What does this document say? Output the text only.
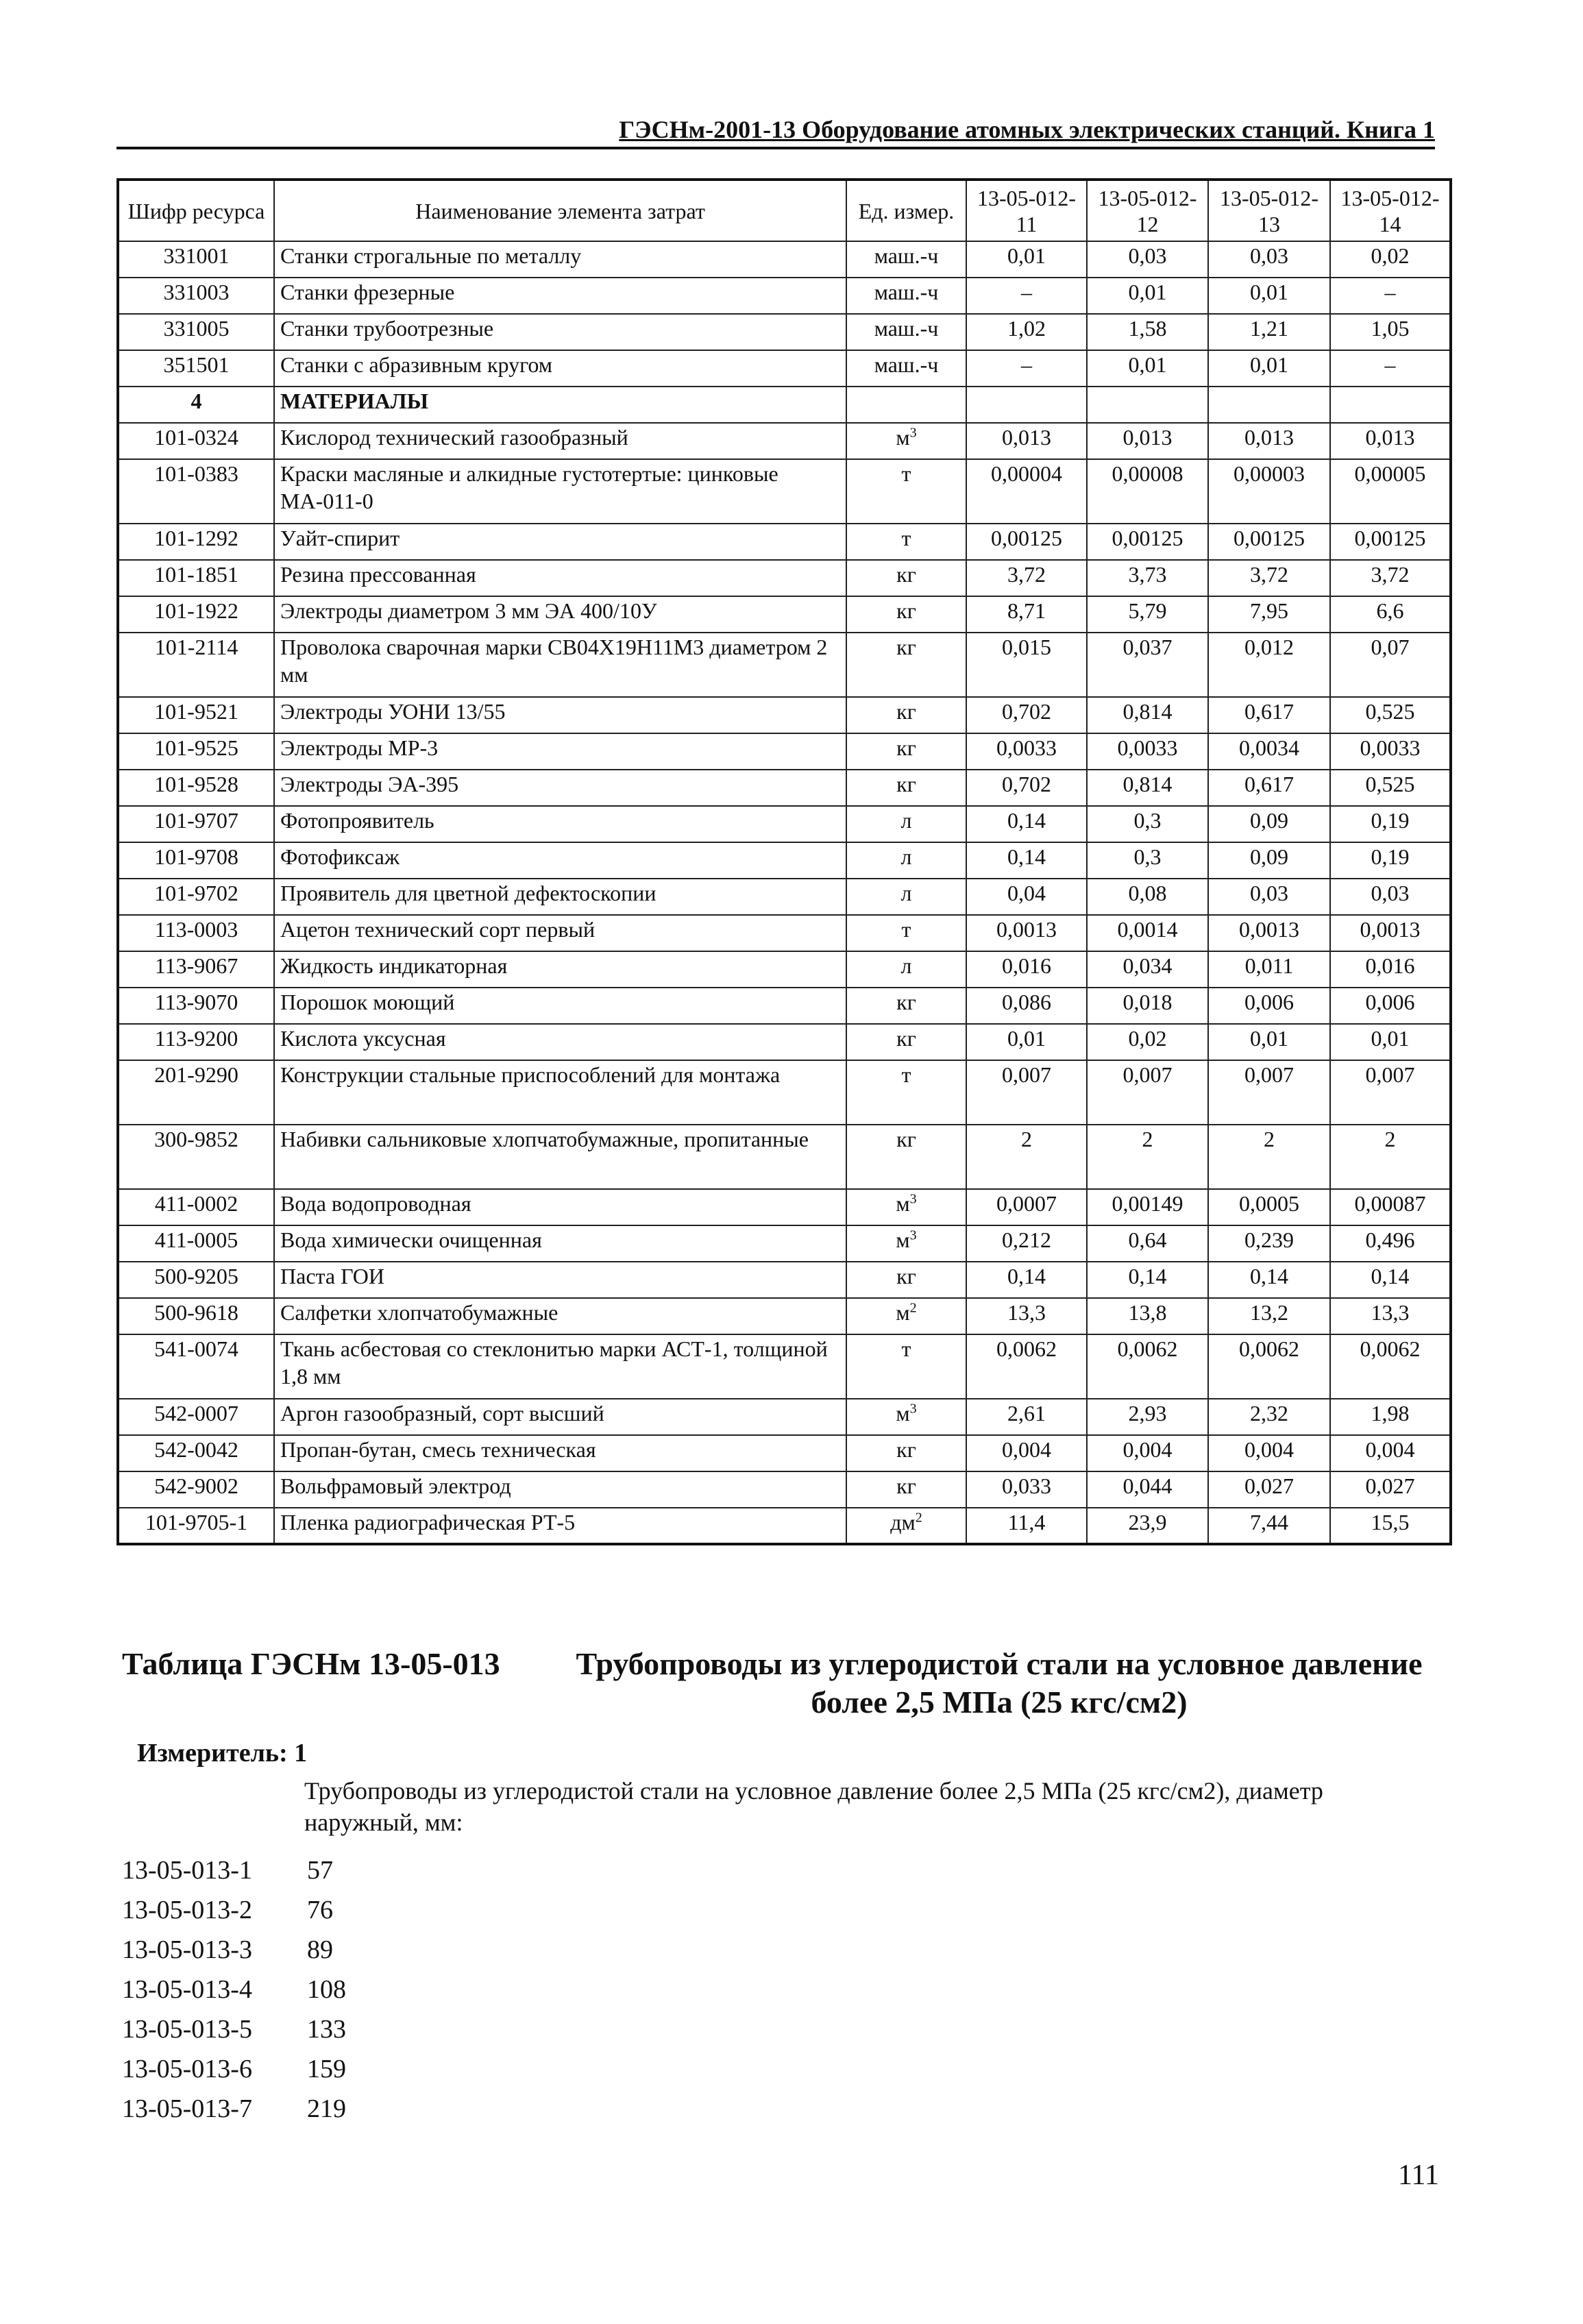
ГЭСНм-2001-13 Оборудование атомных электрических станций. Книга 1
Шифр ресурса	Наименование элемента затрат	Ед. измер.	13-05-012-11	13-05-012-12	13-05-012-13	13-05-012-14
331001	Станки строгальные по металлу	маш.-ч	0,01	0,03	0,03	0,02
331003	Станки фрезерные	маш.-ч	–	0,01	0,01	–
331005	Станки трубоотрезные	маш.-ч	1,02	1,58	1,21	1,05
351501	Станки с абразивным кругом	маш.-ч	–	0,01	0,01	–
4	МАТЕРИАЛЫ					
101-0324	Кислород технический газообразный	$м^3$	0,013	0,013	0,013	0,013
101-0383	Краски масляные и алкидные густотертые: цинковые МА-011-0	т	0,00004	0,00008	0,00003	0,00005
101-1292	Уайт-спирит	т	0,00125	0,00125	0,00125	0,00125
101-1851	Резина прессованная	кг	3,72	3,73	3,72	3,72
101-1922	Электроды диаметром 3 мм ЭА 400/10У	кг	8,71	5,79	7,95	6,6
101-2114	Проволока сварочная марки СВ04Х19Н11М3 диаметром 2 мм	кг	0,015	0,037	0,012	0,07
101-9521	Электроды УОНИ 13/55	кг	0,702	0,814	0,617	0,525
101-9525	Электроды МР-3	кг	0,0033	0,0033	0,0034	0,0033
101-9528	Электроды ЭА-395	кг	0,702	0,814	0,617	0,525
101-9707	Фотопроявитель	л	0,14	0,3	0,09	0,19
101-9708	Фотофиксаж	л	0,14	0,3	0,09	0,19
101-9702	Проявитель для цветной дефектоскопии	л	0,04	0,08	0,03	0,03
113-0003	Ацетон технический сорт первый	т	0,0013	0,0014	0,0013	0,0013
113-9067	Жидкость индикаторная	л	0,016	0,034	0,011	0,016
113-9070	Порошок моющий	кг	0,086	0,018	0,006	0,006
113-9200	Кислота уксусная	кг	0,01	0,02	0,01	0,01
201-9290	Конструкции стальные приспособлений для монтажа	т	0,007	0,007	0,007	0,007
300-9852	Набивки сальниковые хлопчатобумажные, пропитанные	кг	2	2	2	2
411-0002	Вода водопроводная	$м^3$	0,0007	0,00149	0,0005	0,00087
411-0005	Вода химически очищенная	$м^3$	0,212	0,64	0,239	0,496
500-9205	Паста ГОИ	кг	0,14	0,14	0,14	0,14
500-9618	Салфетки хлопчатобумажные	$м^2$	13,3	13,8	13,2	13,3
541-0074	Ткань асбестовая со стеклонитью марки АСТ-1, толщиной 1,8 мм	т	0,0062	0,0062	0,0062	0,0062
542-0007	Аргон газообразный, сорт высший	$м^3$	2,61	2,93	2,32	1,98
542-0042	Пропан-бутан, смесь техническая	кг	0,004	0,004	0,004	0,004
542-9002	Вольфрамовый электрод	кг	0,033	0,044	0,027	0,027
101-9705-1	Пленка радиографическая РТ-5	$дм^2$	11,4	23,9	7,44	15,5
Таблица ГЭСНм 13-05-013	Трубопроводы из углеродистой стали на условное давление более 2,5 МПа (25 кгс/см2)
Измеритель: 1
Трубопроводы из углеродистой стали на условное давление более 2,5 МПа (25 кгс/см2), диаметр наружный, мм:
13-05-013-1 57
13-05-013-2 76
13-05-013-3 89
13-05-013-4 108
13-05-013-5 133
13-05-013-6 159
13-05-013-7 219
111
